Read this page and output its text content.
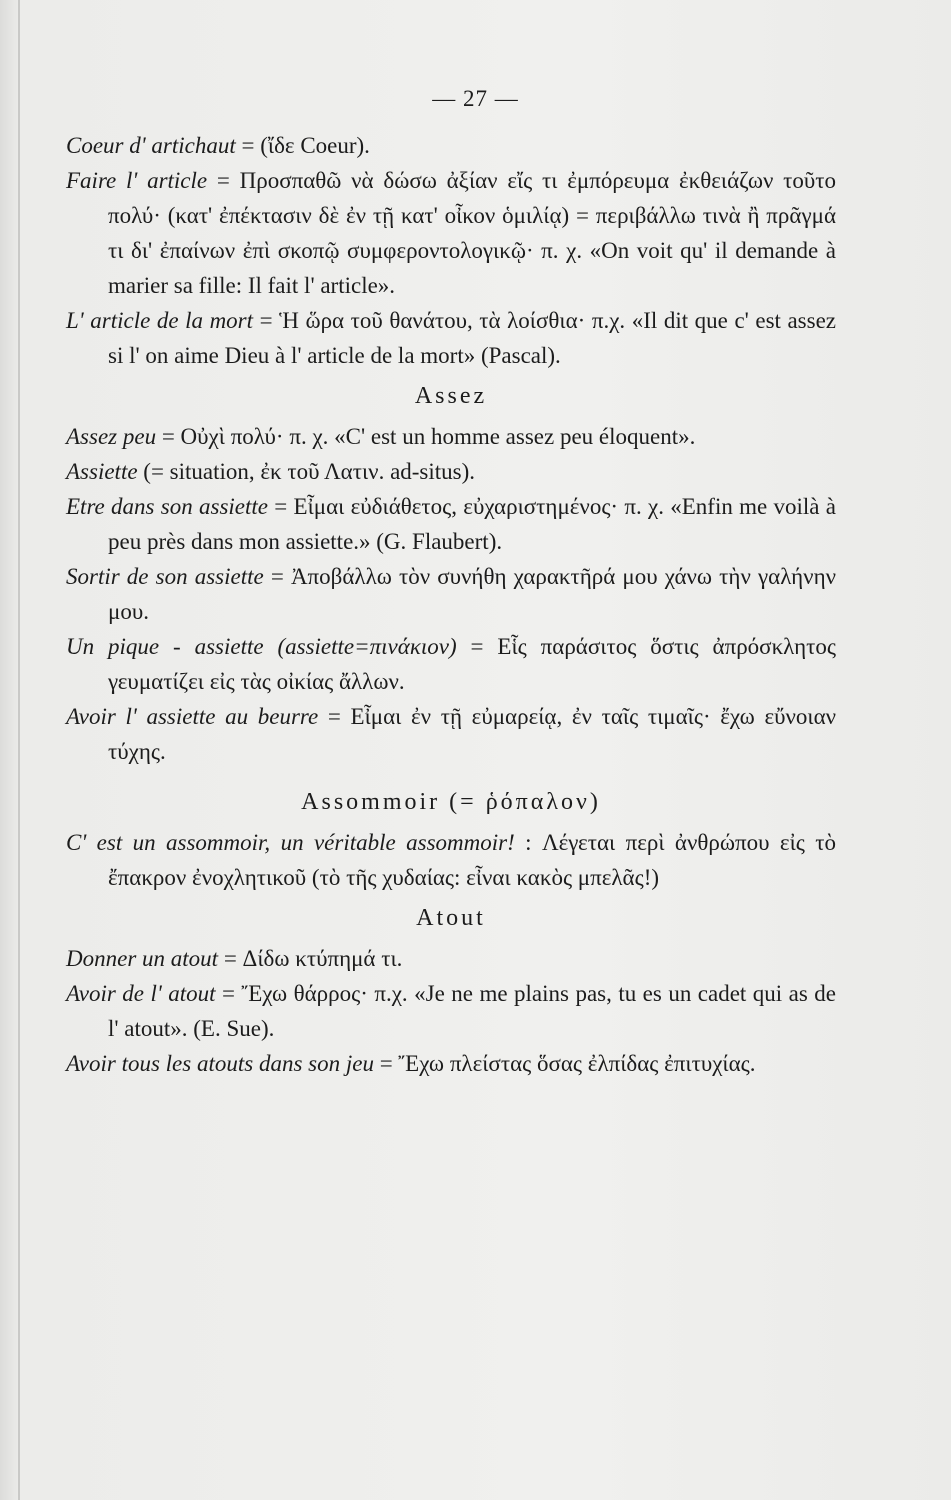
— 27 —

Coeur d' artichaut = (ἴδε Coeur).

Faire l' article = Προσπαθῶ νὰ δώσω ἀξίαν εἴς τι ἐμπόρευμα ἐκθειάζων τοῦτο πολύ· (κατ' ἐπέκτασιν δὲ ἐν τῇ κατ' οἶκον ὁμιλίᾳ) = περιβάλλω τινὰ ἢ πρᾶγμά τι δι' ἐπαίνων ἐπὶ σκοπῷ συμφεροντολογικῷ· π. χ. «On voit qu' il demande à marier sa fille: Il fait l' article».

L' article de la mort = Ἡ ὥρα τοῦ θανάτου, τὰ λοίσθια· π.χ. «Il dit que c' est assez si l' on aime Dieu à l' article de la mort» (Pascal).

Assez

Assez peu = Οὐχὶ πολύ· π. χ. «C' est un homme assez peu éloquent».

Assiette (= situation, ἐκ τοῦ Λατιν. ad-situs).

Etre dans son assiette = Εἶμαι εὐδιάθετος, εὐχαριστημένος· π. χ. «Enfin me voilà à peu près dans mon assiette.» (G. Flaubert).

Sortir de son assiette = Ἀποβάλλω τὸν συνήθη χαρακτῆρά μου χάνω τὴν γαλήνην μου.

Un pique - assiette (assiette=πινάκιον) = Εἷς παράσιτος ὅστις ἀπρόσκλητος γευματίζει εἰς τὰς οἰκίας ἄλλων.

Avoir l' assiette au beurre = Εἶμαι ἐν τῇ εὐμαρείᾳ, ἐν ταῖς τιμαῖς· ἔχω εὔνοιαν τύχης.

Assommoir (= ῥόπαλον)

C' est un assommoir, un véritable assommoir! : Λέγεται περὶ ἀνθρώπου εἰς τὸ ἔπακρον ἐνοχλητικοῦ (τὸ τῆς χυδαίας: εἶναι κακὸς μπελᾶς!)

Atout

Donner un atout = Δίδω κτύπημά τι.

Avoir de l' atout = Ἔχω θάρρος· π.χ. «Je ne me plains pas, tu es un cadet qui as de l' atout». (E. Sue).

Avoir tous les atouts dans son jeu = Ἔχω πλείστας ὅσας ἐλπίδας ἐπιτυχίας.
